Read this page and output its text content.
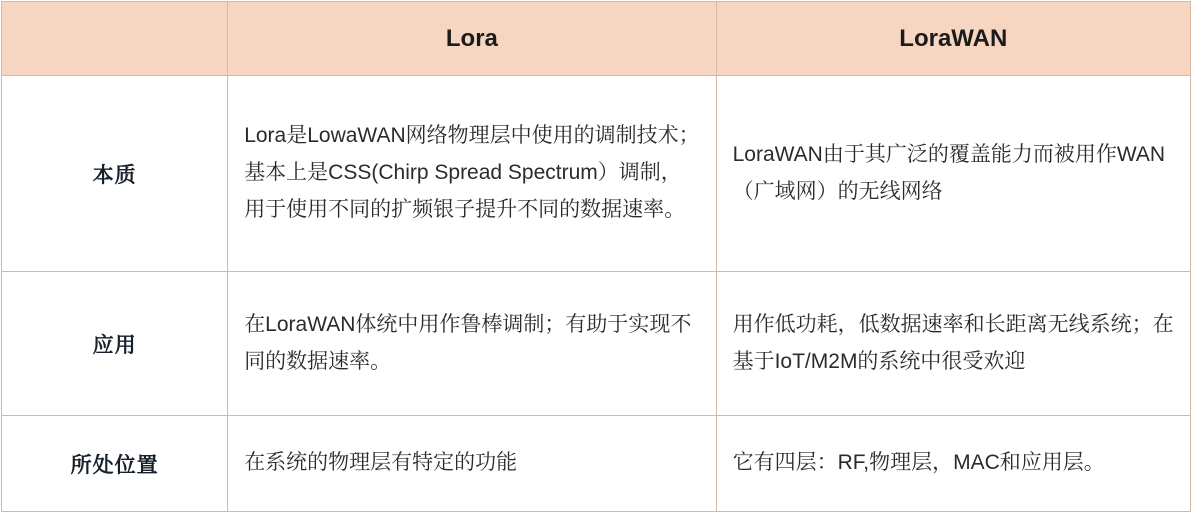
	Lora	LoraWAN
本质	Lora是LowaWAN网络物理层中使用的调制技术；基本上是CSS(Chirp Spread Spectrum）调制，用于使用不同的扩频银子提升不同的数据速率。	LoraWAN由于其广泛的覆盖能力而被用作WAN（广域网）的无线网络
应用	在LoraWAN体统中用作鲁棒调制；有助于实现不同的数据速率。	用作低功耗，低数据速率和长距离无线系统；在基于IoT/M2M的系统中很受欢迎
所处位置	在系统的物理层有特定的功能	它有四层：RF,物理层，MAC和应用层。
